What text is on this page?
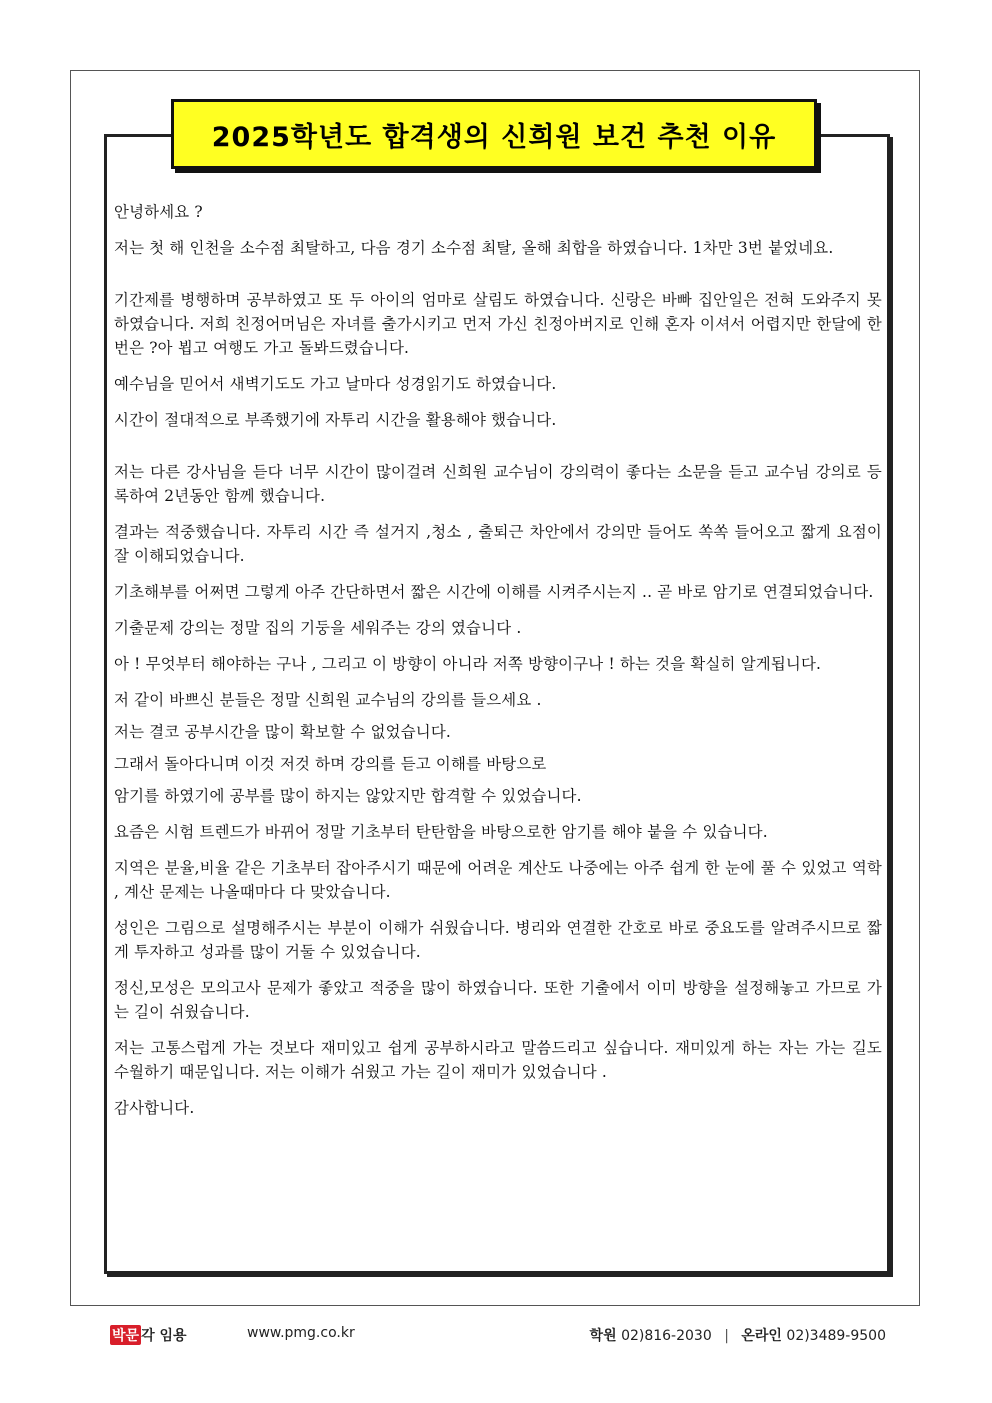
2025학년도 합격생의 신희원 보건 추천 이유

안녕하세요 ?

저는 첫 해 인천을 소수점 최탈하고, 다음 경기 소수점 최탈, 올해 최합을 하였습니다. 1차만 3번 붙었네요.

기간제를 병행하며 공부하였고 또 두 아이의 엄마로 살림도 하였습니다. 신랑은 바빠 집안일은 전혀 도와주지 못하였습니다. 저희 친정어머님은 자녀를 출가시키고 먼저 가신 친정아버지로 인해 혼자 이셔서 어렵지만 한달에 한번은 ?아 뵙고 여행도 가고 돌봐드렸습니다.

예수님을 믿어서 새벽기도도 가고 날마다 성경읽기도 하였습니다.

시간이 절대적으로 부족했기에 자투리 시간을 활용해야 했습니다.

저는 다른 강사님을 듣다 너무 시간이 많이걸려 신희원 교수님이 강의력이 좋다는 소문을 듣고 교수님 강의로 등록하여 2년동안 함께 했습니다.

결과는 적중했습니다. 자투리 시간 즉 설거지 ,청소 , 출퇴근 차안에서 강의만 들어도 쏙쏙 들어오고 짧게 요점이 잘 이해되었습니다.

기초해부를 어쩌면 그렇게 아주 간단하면서 짧은 시간에 이해를 시켜주시는지 .. 곧 바로 암기로 연결되었습니다.

기출문제 강의는 정말 집의 기둥을 세워주는 강의 였습니다 .

아 ! 무엇부터 해야하는 구나 , 그리고 이 방향이 아니라 저쪽 방향이구나 ! 하는 것을 확실히 알게됩니다.

저 같이 바쁘신 분들은 정말 신희원 교수님의 강의를 들으세요 .

저는 결코 공부시간을 많이 확보할 수 없었습니다.

그래서 돌아다니며 이것 저것 하며 강의를 듣고 이해를 바탕으로

암기를 하였기에 공부를 많이 하지는 않았지만 합격할 수 있었습니다.

요즘은 시험 트렌드가 바뀌어 정말 기초부터 탄탄함을 바탕으로한 암기를 해야 붙을 수 있습니다.

지역은 분율,비율 같은 기초부터 잡아주시기 때문에 어려운 계산도 나중에는 아주 쉽게 한 눈에 풀 수 있었고 역학 , 계산 문제는 나올때마다 다 맞았습니다.

성인은 그림으로 설명해주시는 부분이 이해가 쉬웠습니다. 병리와 연결한 간호로 바로 중요도를 알려주시므로 짧게 투자하고 성과를 많이 거둘 수 있었습니다.

정신,모성은 모의고사 문제가 좋았고 적중을 많이 하였습니다. 또한 기출에서 이미 방향을 설정해놓고 가므로 가는 길이 쉬웠습니다.

저는 고통스럽게 가는 것보다 재미있고 쉽게 공부하시라고 말씀드리고 싶습니다. 재미있게 하는 자는 가는 길도 수월하기 때문입니다. 저는 이해가 쉬웠고 가는 길이 재미가 있었습니다 .

감사합니다.

박문 각 임용	www.pmg.co.kr	학원 02)816-2030 | 온라인 02)3489-9500
